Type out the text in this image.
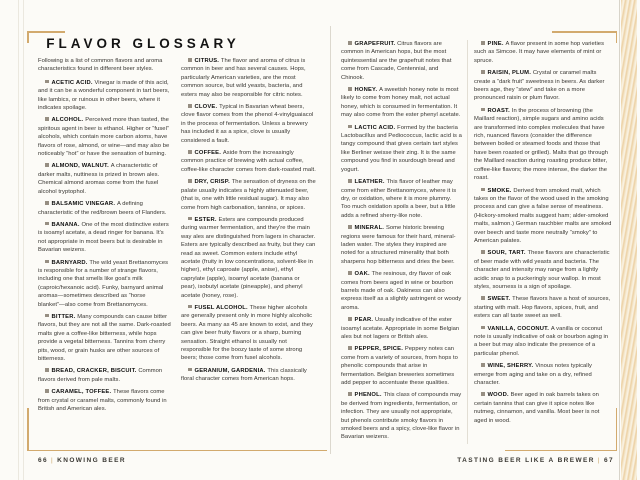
FLAVOR GLOSSARY

Following is a list of common flavors and aroma characteristics found in different beer styles.

ACETIC ACID. Vinegar is made of this acid, and it can be a wonderful component in tart beers, like lambics, or ruinous in other beers, where it indicates spoilage.

ALCOHOL. Perceived more than tasted, the spiritous agent in beer is ethanol. Higher or “fusel” alcohols, which contain more carbon atoms, have flavors of rose, almond, or wine—and may also be noticeably “hot” or have the sensation of burning.

ALMOND, WALNUT. A characteristic of darker malts, nuttiness is prized in brown ales. Chemical almond aromas come from the fusel alcohol tryptophol.

BALSAMIC VINEGAR. A defining characteristic of the red/brown beers of Flanders.

BANANA. One of the most distinctive esters is isoamyl acetate, a dead ringer for banana. It's not appropriate in most beers but is desirable in Bavarian weizens.

BARNYARD. The wild yeast Brettanomyces is responsible for a number of strange flavors, including one that smells like goat's milk (caproic/hexanoic acid). Funky, barnyard animal aromas—sometimes described as “horse blanket”—also come from Brettanomyces.

BITTER. Many compounds can cause bitter flavors, but they are not all the same. Dark-roasted malts give a coffee-like bitterness, while hops provide a vegetal bitterness. Tannins from cherry pits, wood, or grain husks are other sources of bitterness.

BREAD, CRACKER, BISCUIT. Common flavors derived from pale malts.

CARAMEL, TOFFEE. These flavors come from crystal or caramel malts, commonly found in British and American ales.

CITRUS. The flavor and aroma of citrus is common in beer and has several causes. Hops, particularly American varieties, are the most common source, but wild yeasts, bacteria, and esters may also be responsible for citric notes.

CLOVE. Typical in Bavarian wheat beers, clove flavor comes from the phenol 4-vinylguaiacol in the process of fermentation. Unless a brewery has included it as a spice, clove is usually considered a fault.

COFFEE. Aside from the increasingly common practice of brewing with actual coffee, coffee-like character comes from dark-roasted malt.

DRY, CRISP. The sensation of dryness on the palate usually indicates a highly attenuated beer, (that is, one with little residual sugar). It may also come from high carbonation, tannins, or spices.

ESTER. Esters are compounds produced during warmer fermentation, and they're the main way ales are distinguished from lagers in character. Esters are typically described as fruity, but they can read as sweet. Common esters include ethyl acetate (fruity in low concentrations, solvent-like in higher), ethyl caproate (apple, anise), ethyl caprylate (apple), isoamyl acetate (banana or pear), isobutyl acetate (pineapple), and phenyl acetate (honey, rose).

FUSEL ALCOHOL. These higher alcohols are generally present only in more highly alcoholic beers. As many as 45 are known to exist, and they can give beer fruity flavors or a sharp, burning sensation. Straight ethanol is usually not responsible for the boozy taste of some strong beers; those come from fusel alcohols.

GERANIUM, GARDENIA. This classically floral character comes from American hops.

GRAPEFRUIT. Citrus flavors are common in American hops, but the most quintessential are the grapefruit notes that come from Cascade, Centennial, and Chinook.

HONEY. A sweetish honey note is most likely to come from honey malt, not actual honey, which is consumed in fermentation. It may also come from the ester phenyl acetate.

LACTIC ACID. Formed by the bacteria Lactobacillus and Pediococcus, lactic acid is a tangy compound that gives certain tart styles like Berliner weisse their zing. It is the same compound you find in sourdough bread and yogurt.

LEATHER. This flavor of leather may come from either Brettanomyces, where it is dry, or oxidation, where it is more plummy. Too much oxidation spoils a beer, but a little adds a refined sherry-like note.

MINERAL. Some historic brewing regions were famous for their hard, mineral-laden water. The styles they inspired are noted for a structured minerality that both sharpens hop bitterness and dries the beer.

OAK. The resinous, dry flavor of oak comes from beers aged in wine or bourbon barrels made of oak. Oakiness can also express itself as a slightly astringent or woody aroma.

PEAR. Usually indicative of the ester isoamyl acetate. Appropriate in some Belgian ales but not lagers or British ales.

PEPPER, SPICE. Peppery notes can come from a variety of sources, from hops to phenolic compounds that arise in fermentation. Belgian breweries sometimes add pepper to accentuate these qualities.

PHENOL. This class of compounds may be derived from ingredients, fermentation, or infection. They are usually not appropriate, but phenols contribute smoky flavors in smoked beers and a spicy, clove-like flavor in Bavarian weizens.

PINE. A flavor present in some hop varieties such as Simcoe. It may have elements of mint or spruce.

RAISIN, PLUM. Crystal or caramel malts create a “dark fruit” sweetness in beers. As darker beers age, they “stew” and take on a more pronounced raisin or plum flavor.

ROAST. In the process of browning (the Maillard reaction), simple sugars and amino acids are transformed into complex molecules that have rich, nuanced flavors (consider the difference between boiled or steamed foods and those that have been roasted or grilled). Malts that go through the Maillard reaction during roasting produce bitter, coffee-like flavors; the more intense, the darker the roast.

SMOKE. Derived from smoked malt, which takes on the flavor of the wood used in the smoking process and can give a false sense of meatiness. (Hickory-smoked malts suggest ham; alder-smoked malts, salmon.) German rauchbier malts are smoked over beech and taste more neutrally “smoky” to American palates.

SOUR, TART. These flavors are characteristic of beer made with wild yeasts and bacteria. The character and intensity may range from a lightly acidic snap to a puckeringly sour wallop. In most styles, sourness is a sign of spoilage.

SWEET. These flavors have a host of sources, starting with malt. Hop flavors, spices, fruit, and esters can all taste sweet as well.

VANILLA, COCONUT. A vanilla or coconut note is usually indicative of oak or bourbon aging in a beer but may also indicate the presence of a particular phenol.

WINE, SHERRY. Vinous notes typically emerge from aging and take on a dry, refined character.

WOOD. Beer aged in oak barrels takes on certain tannins that can give it spice notes like nutmeg, cinnamon, and vanilla. Most beer is not aged in wood.

66 | KNOWING BEER	TASTING BEER LIKE A BREWER | 67
